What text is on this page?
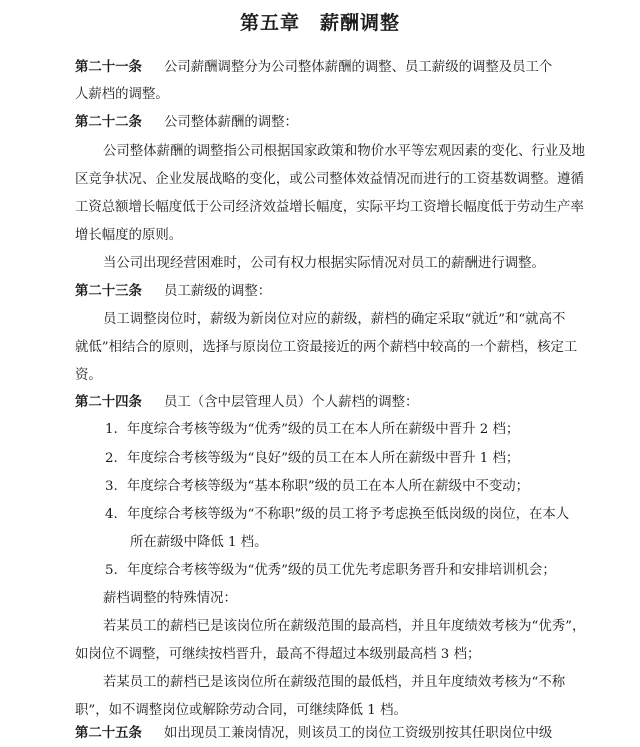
第五章 薪酬调整
第二十一条 公司薪酬调整分为公司整体薪酬的调整、员工薪级的调整及员工个
人薪档的调整。
第二十二条 公司整体薪酬的调整：
公司整体薪酬的调整指公司根据国家政策和物价水平等宏观因素的变化、行业及地
区竞争状况、企业发展战略的变化，或公司整体效益情况而进行的工资基数调整。遵循
工资总额增长幅度低于公司经济效益增长幅度，实际平均工资增长幅度低于劳动生产率
增长幅度的原则。
当公司出现经营困难时，公司有权力根据实际情况对员工的薪酬进行调整。
第二十三条 员工薪级的调整：
员工调整岗位时，薪级为新岗位对应的薪级，薪档的确定采取“就近”和“就高不
就低”相结合的原则，选择与原岗位工资最接近的两个薪档中较高的一个薪档，核定工
资。
第二十四条 员工（含中层管理人员）个人薪档的调整：
1. 年度综合考核等级为“优秀”级的员工在本人所在薪级中晋升 2 档；
2. 年度综合考核等级为“良好”级的员工在本人所在薪级中晋升 1 档；
3. 年度综合考核等级为“基本称职”级的员工在本人所在薪级中不变动；
4. 年度综合考核等级为“不称职”级的员工将予考虑换至低岗级的岗位，在本人
所在薪级中降低 1 档。
5. 年度综合考核等级为“优秀”级的员工优先考虑职务晋升和安排培训机会；
薪档调整的特殊情况：
若某员工的薪档已是该岗位所在薪级范围的最高档，并且年度绩效考核为“优秀”，
如岗位不调整，可继续按档晋升，最高不得超过本级别最高档 3 档；
若某员工的薪档已是该岗位所在薪级范围的最低档，并且年度绩效考核为“不称
职”，如不调整岗位或解除劳动合同，可继续降低 1 档。
第二十五条 如出现员工兼岗情况，则该员工的岗位工资级别按其任职岗位中级
